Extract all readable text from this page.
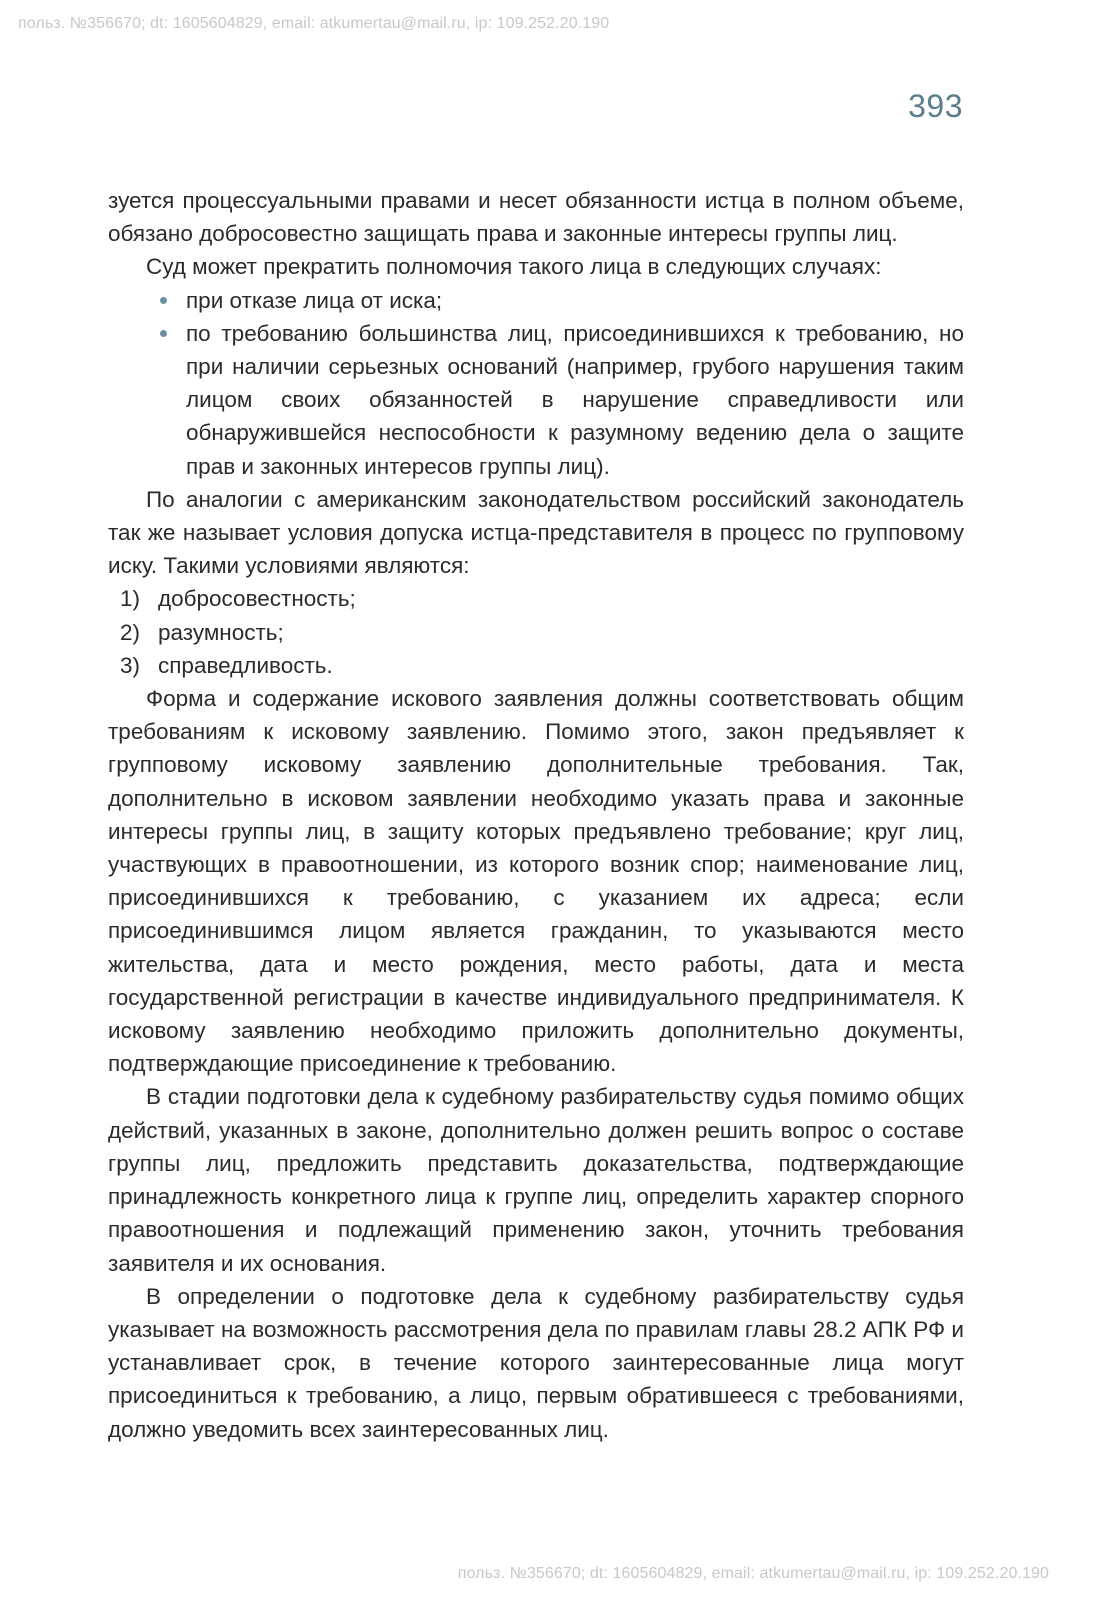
польз. №356670; dt: 1605604829, email: atkumertau@mail.ru, ip: 109.252.20.190
393

зуется процессуальными правами и несет обязанности истца в полном объеме, обязано добросовестно защищать права и законные интересы группы лиц.

Суд может прекратить полномочия такого лица в следующих случаях:

при отказе лица от иска;
по требованию большинства лиц, присоединившихся к требованию, но при наличии серьезных оснований (например, грубого нарушения таким лицом своих обязанностей в нарушение справедливости или обнаружившейся неспособности к разумному ведению дела о защите прав и законных интересов группы лиц).

По аналогии с американским законодательством российский законодатель так же называет условия допуска истца-представителя в процесс по групповому иску. Такими условиями являются:

1) добросовестность;
2) разумность;
3) справедливость.

Форма и содержание искового заявления должны соответствовать общим требованиям к исковому заявлению. Помимо этого, закон предъявляет к групповому исковому заявлению дополнительные требования. Так, дополнительно в исковом заявлении необходимо указать права и законные интересы группы лиц, в защиту которых предъявлено требование; круг лиц, участвующих в правоотношении, из которого возник спор; наименование лиц, присоединившихся к требованию, с указанием их адреса; если присоединившимся лицом является гражданин, то указываются место жительства, дата и место рождения, место работы, дата и места государственной регистрации в качестве индивидуального предпринимателя. К исковому заявлению необходимо приложить дополнительно документы, подтверждающие присоединение к требованию.

В стадии подготовки дела к судебному разбирательству судья помимо общих действий, указанных в законе, дополнительно должен решить вопрос о составе группы лиц, предложить представить доказательства, подтверждающие принадлежность конкретного лица к группе лиц, определить характер спорного правоотношения и подлежащий применению закон, уточнить требования заявителя и их основания.

В определении о подготовке дела к судебному разбирательству судья указывает на возможность рассмотрения дела по правилам главы 28.2 АПК РФ и устанавливает срок, в течение которого заинтересованные лица могут присоединиться к требованию, а лицо, первым обратившееся с требованиями, должно уведомить всех заинтересованных лиц.

польз. №356670; dt: 1605604829, email: atkumertau@mail.ru, ip: 109.252.20.190
